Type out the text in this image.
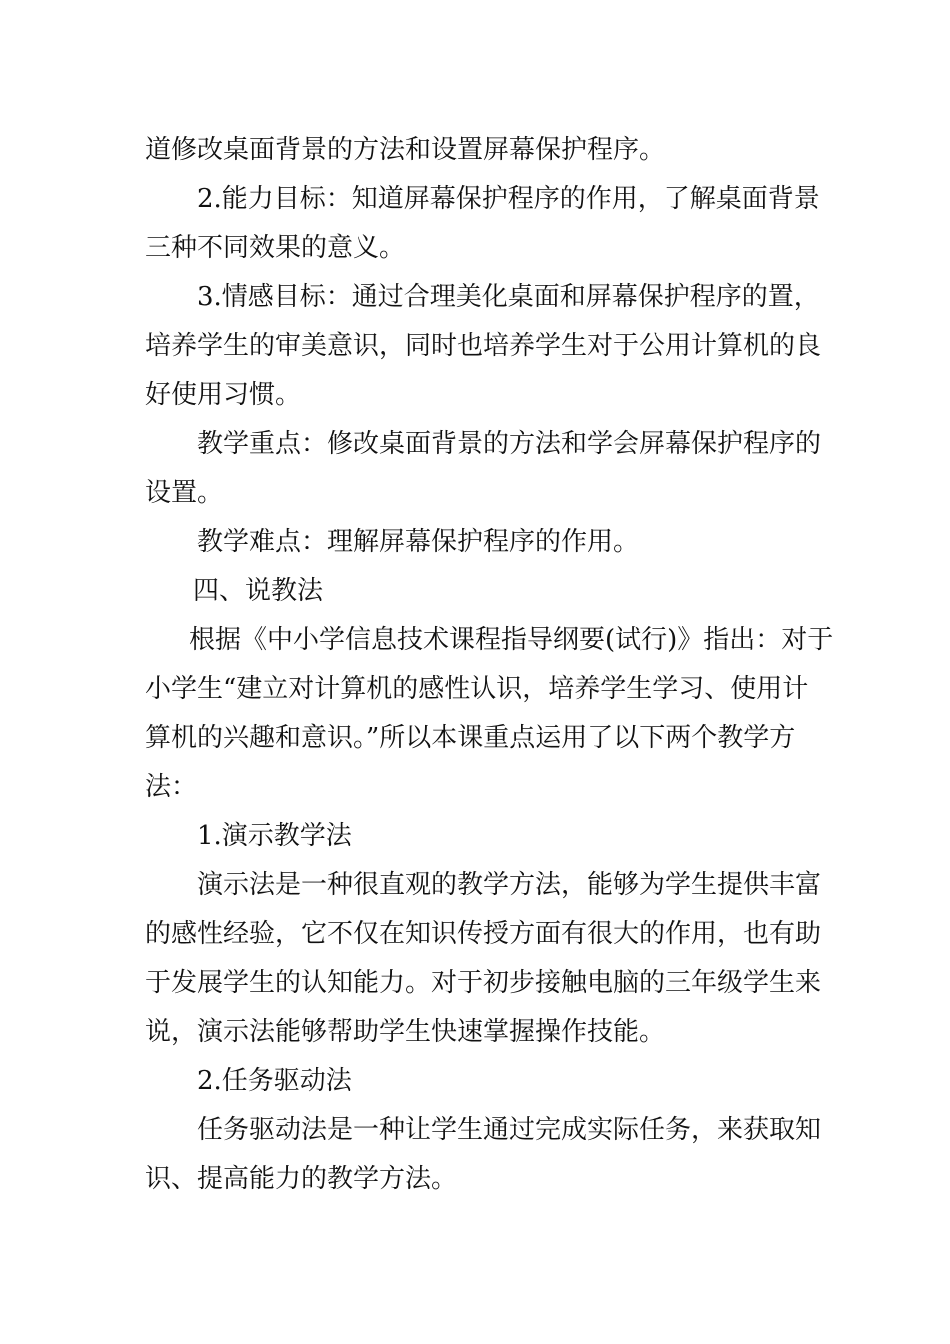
道修改桌面背景的方法和设置屏幕保护程序。
2.能力目标：知道屏幕保护程序的作用，了解桌面背景
三种不同效果的意义。
3.情感目标：通过合理美化桌面和屏幕保护程序的置，
培养学生的审美意识，同时也培养学生对于公用计算机的良
好使用习惯。
教学重点：修改桌面背景的方法和学会屏幕保护程序的
设置。
教学难点：理解屏幕保护程序的作用。
四、说教法
根据《中小学信息技术课程指导纲要(试行)》指出：对于
小学生“建立对计算机的感性认识，培养学生学习、使用计
算机的兴趣和意识。”所以本课重点运用了以下两个教学方
法：
1.演示教学法
演示法是一种很直观的教学方法，能够为学生提供丰富
的感性经验，它不仅在知识传授方面有很大的作用，也有助
于发展学生的认知能力。对于初步接触电脑的三年级学生来
说，演示法能够帮助学生快速掌握操作技能。
2.任务驱动法
任务驱动法是一种让学生通过完成实际任务，来获取知
识、提高能力的教学方法。
